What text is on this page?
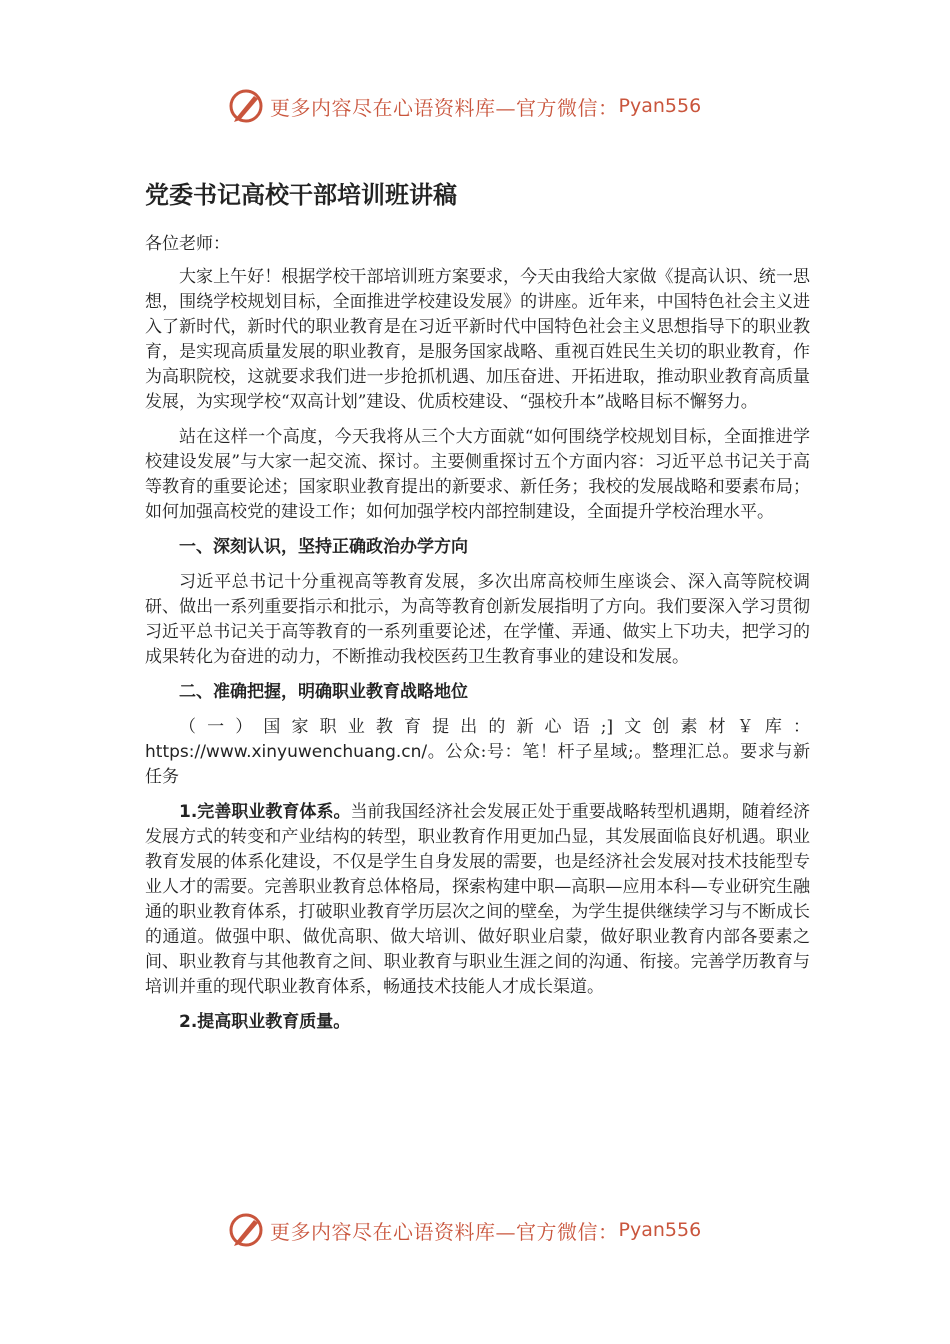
更多内容尽在心语资料库—官方微信： Pyan556
党委书记高校干部培训班讲稿
各位老师：

大家上午好！根据学校干部培训班方案要求，今天由我给大家做《提高认识、统一思想，围绕学校规划目标，全面推进学校建设发展》的讲座。近年来，中国特色社会主义进入了新时代，新时代的职业教育是在习近平新时代中国特色社会主义思想指导下的职业教育，是实现高质量发展的职业教育，是服务国家战略、重视百姓民生关切的职业教育，作为高职院校，这就要求我们进一步抢抓机遇、加压奋进、开拓进取，推动职业教育高质量发展，为实现学校“双高计划”建设、优质校建设、“强校升本”战略目标不懈努力。

站在这样一个高度，今天我将从三个大方面就“如何围绕学校规划目标，全面推进学校建设发展”与大家一起交流、探讨。主要侧重探讨五个方面内容：习近平总书记关于高等教育的重要论述；国家职业教育提出的新要求、新任务；我校的发展战略和要素布局；如何加强高校党的建设工作；如何加强学校内部控制建设，全面提升学校治理水平。

一、深刻认识，坚持正确政治办学方向

习近平总书记十分重视高等教育发展，多次出席高校师生座谈会、深入高等院校调研、做出一系列重要指示和批示，为高等教育创新发展指明了方向。我们要深入学习贯彻习近平总书记关于高等教育的一系列重要论述，在学懂、弄通、做实上下功夫，把学习的成果转化为奋进的动力，不断推动我校医药卫生教育事业的建设和发展。

二、准确把握，明确职业教育战略地位

（一）国家职业教育提出的新心语;]文创素材￥库：https://www.xinyuwenchuang.cn/。公众:号：笔！杆子星域;。整理汇总。要求与新任务

1.完善职业教育体系。当前我国经济社会发展正处于重要战略转型机遇期，随着经济发展方式的转变和产业结构的转型，职业教育作用更加凸显，其发展面临良好机遇。职业教育发展的体系化建设，不仅是学生自身发展的需要，也是经济社会发展对技术技能型专业人才的需要。完善职业教育总体格局，探索构建中职—高职—应用本科—专业研究生融通的职业教育体系，打破职业教育学历层次之间的壁垒，为学生提供继续学习与不断成长的通道。做强中职、做优高职、做大培训、做好职业启蒙，做好职业教育内部各要素之间、职业教育与其他教育之间、职业教育与职业生涯之间的沟通、衔接。完善学历教育与培训并重的现代职业教育体系，畅通技术技能人才成长渠道。

2.提高职业教育质量。

更多内容尽在心语资料库—官方微信： Pyan556
